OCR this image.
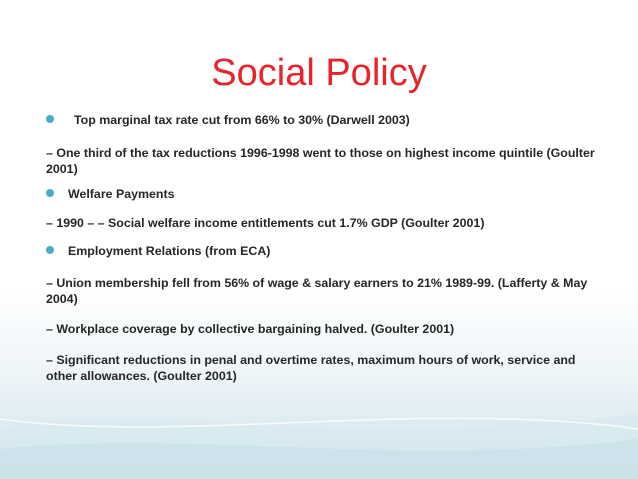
Social Policy
Top marginal tax rate cut from 66% to 30% (Darwell 2003)
– One third of the tax reductions 1996-1998 went to those on highest income quintile (Goulter 2001)
Welfare Payments
– 1990 – – Social welfare income entitlements cut 1.7% GDP (Goulter 2001)
Employment Relations (from ECA)
– Union membership fell from 56% of wage & salary earners to 21% 1989-99. (Lafferty & May 2004)
– Workplace coverage by collective bargaining halved. (Goulter 2001)
– Significant reductions in penal and overtime rates, maximum hours of work, service and other allowances. (Goulter 2001)
